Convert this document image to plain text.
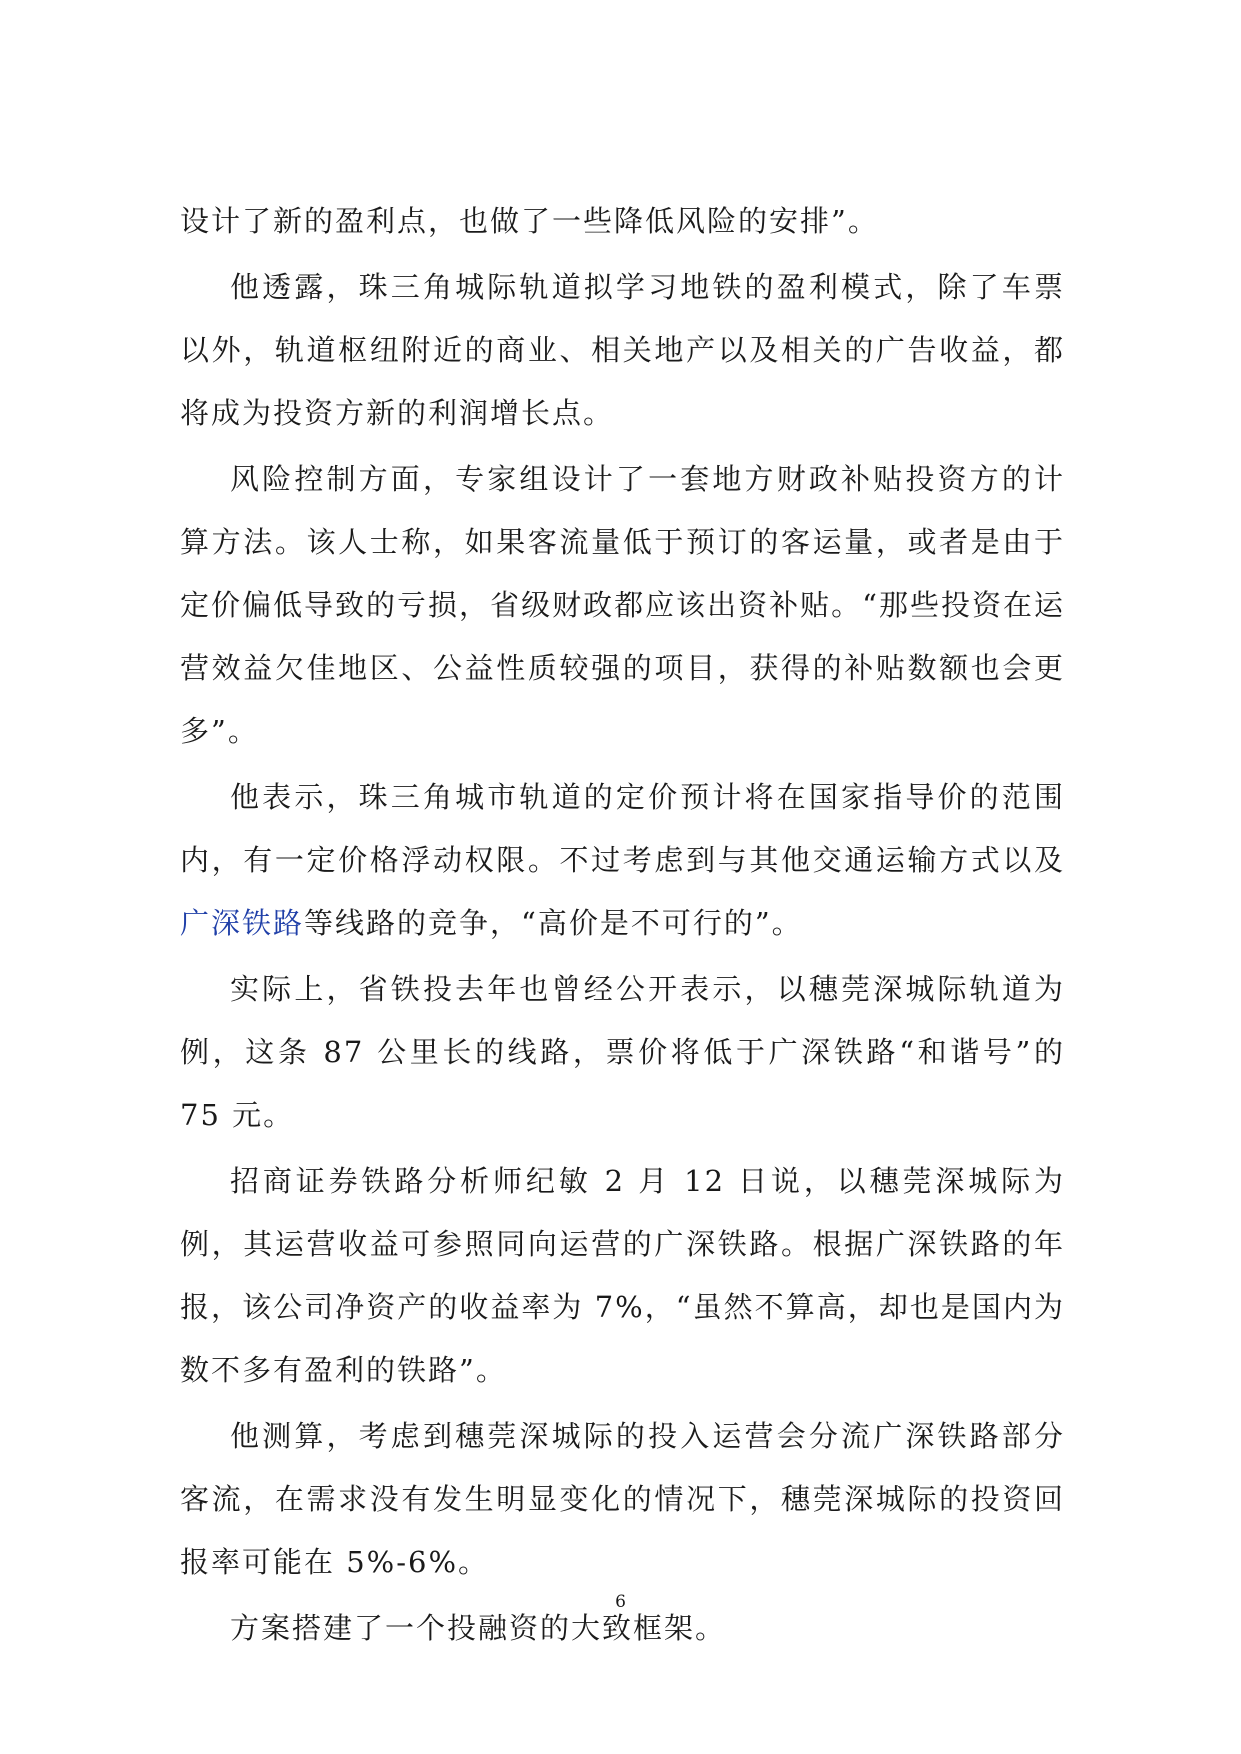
设计了新的盈利点，也做了一些降低风险的安排”。

他透露，珠三角城际轨道拟学习地铁的盈利模式，除了车票以外，轨道枢纽附近的商业、相关地产以及相关的广告收益，都将成为投资方新的利润增长点。

风险控制方面，专家组设计了一套地方财政补贴投资方的计算方法。该人士称，如果客流量低于预订的客运量，或者是由于定价偏低导致的亏损，省级财政都应该出资补贴。“那些投资在运营效益欠佳地区、公益性质较强的项目，获得的补贴数额也会更多”。

他表示，珠三角城市轨道的定价预计将在国家指导价的范围内，有一定价格浮动权限。不过考虑到与其他交通运输方式以及广深铁路等线路的竞争，“高价是不可行的”。

实际上，省铁投去年也曾经公开表示，以穗莞深城际轨道为例，这条 87 公里长的线路，票价将低于广深铁路“和谐号”的 75 元。

招商证券铁路分析师纪敏 2 月 12 日说，以穗莞深城际为例，其运营收益可参照同向运营的广深铁路。根据广深铁路的年报，该公司净资产的收益率为 7%，“虽然不算高，却也是国内为数不多有盈利的铁路”。

他测算，考虑到穗莞深城际的投入运营会分流广深铁路部分客流，在需求没有发生明显变化的情况下，穗莞深城际的投资回报率可能在 5%-6%。

方案搭建了一个投融资的大致框架。

6
